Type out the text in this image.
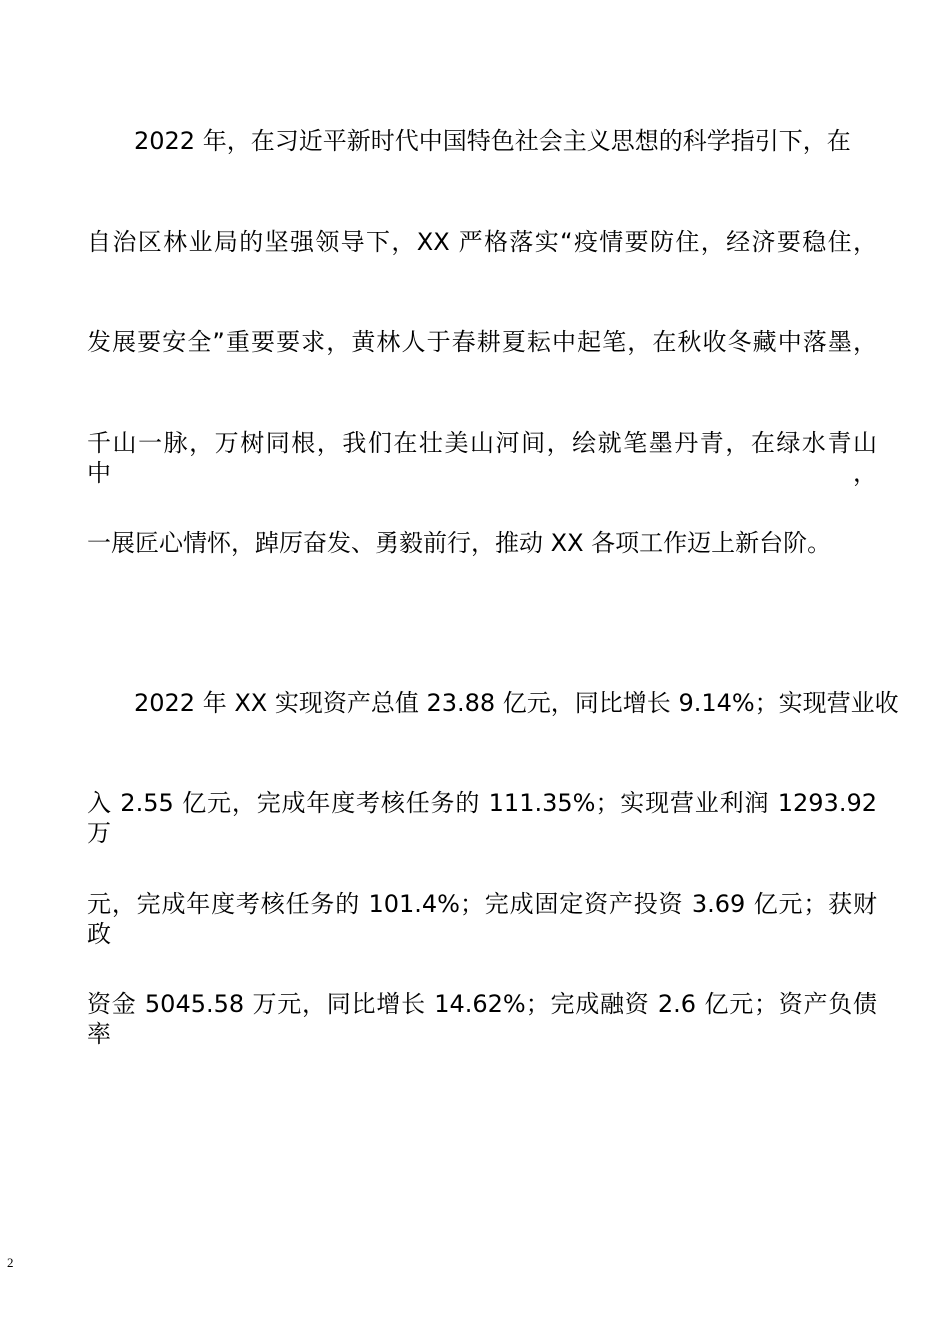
2022 年，在习近平新时代中国特色社会主义思想的科学指引下，在
自治区林业局的坚强领导下，XX 严格落实“疫情要防住，经济要稳住，
发展要安全”重要要求，黄林人于春耕夏耘中起笔，在秋收冬藏中落墨，
千山一脉，万树同根，我们在壮美山河间，绘就笔墨丹青，在绿水青山中，
一展匠心情怀，踔厉奋发、勇毅前行，推动 XX 各项工作迈上新台阶。
2022 年 XX 实现资产总值 23.88 亿元，同比增长 9.14%；实现营业收
入 2.55 亿元，完成年度考核任务的 111.35%；实现营业利润 1293.92 万
元，完成年度考核任务的 101.4%；完成固定资产投资 3.69 亿元；获财政
资金 5045.58 万元，同比增长 14.62%；完成融资 2.6 亿元；资产负债率
2
